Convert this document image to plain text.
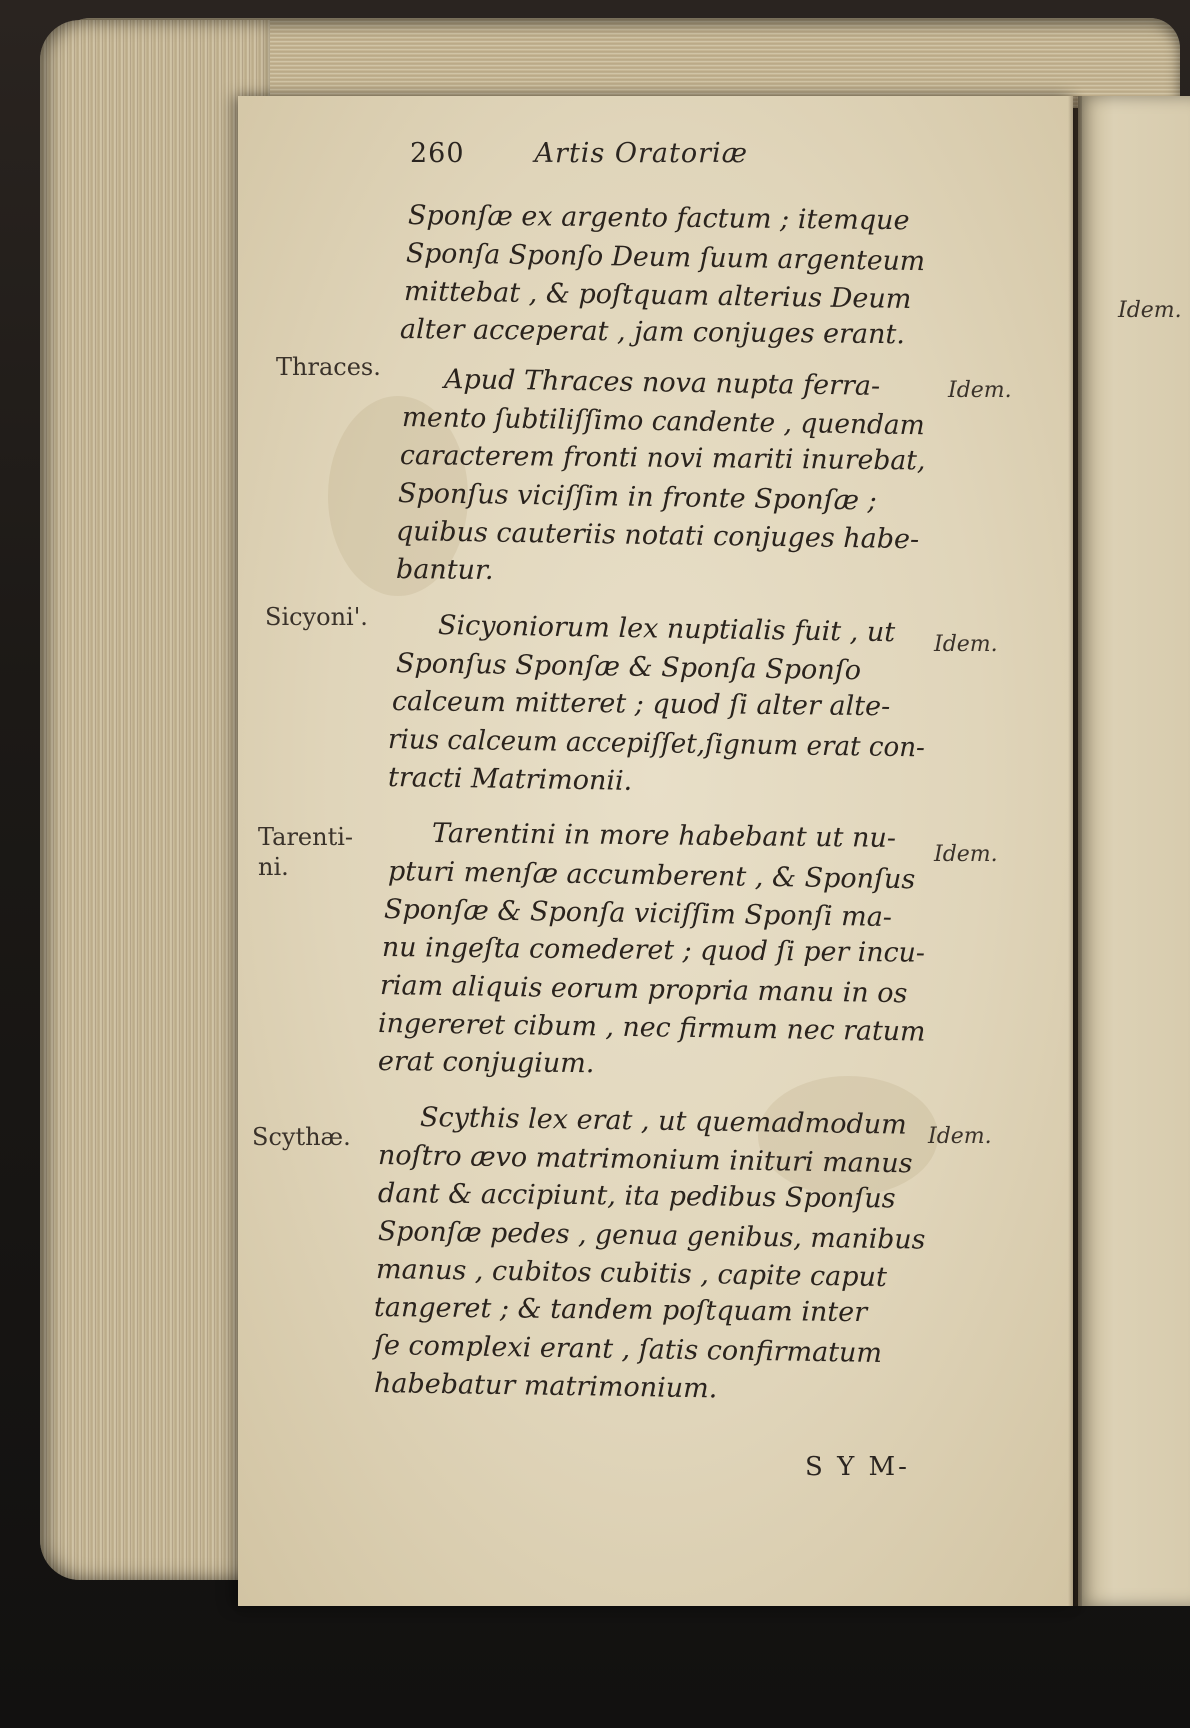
260	Artis Oratoriæ
Sponſæ ex argento factum ; itemque
Sponſa Sponſo Deum ſuum argenteum
mittebat , & poſtquam alterius Deum
alter acceperat , jam conjuges erant.
Apud Thraces nova nupta ferra-
mento ſubtiliſſimo candente , quendam
caracterem fronti novi mariti inurebat,
Sponſus viciſſim in fronte Sponſæ ;
quibus cauteriis notati conjuges habe-
bantur.
Sicyoniorum lex nuptialis fuit , ut
Sponſus Sponſæ & Sponſa Sponſo
calceum mitteret ; quod ſi alter alte-
rius calceum accepiſſet,ſignum erat con-
tracti Matrimonii.
Tarentini in more habebant ut nu-
pturi menſæ accumberent , & Sponſus
Sponſæ & Sponſa viciſſim Sponſi ma-
nu ingeſta comederet ; quod ſi per incu-
riam aliquis eorum propria manu in os
ingereret cibum , nec firmum nec ratum
erat conjugium.
Scythis lex erat , ut quemadmodum
noſtro ævo matrimonium inituri manus
dant & accipiunt, ita pedibus Sponſus
Sponſæ pedes , genua genibus, manibus
manus , cubitos cubitis , capite caput
tangeret ; & tandem poſtquam inter
ſe complexi erant , ſatis confirmatum
habebatur matrimonium.
Thraces.
Sicyoni'.
Tarenti-
ni.
Scythæ.
Idem.
Idem.
Idem.
Idem.
Idem.
S Y M-
